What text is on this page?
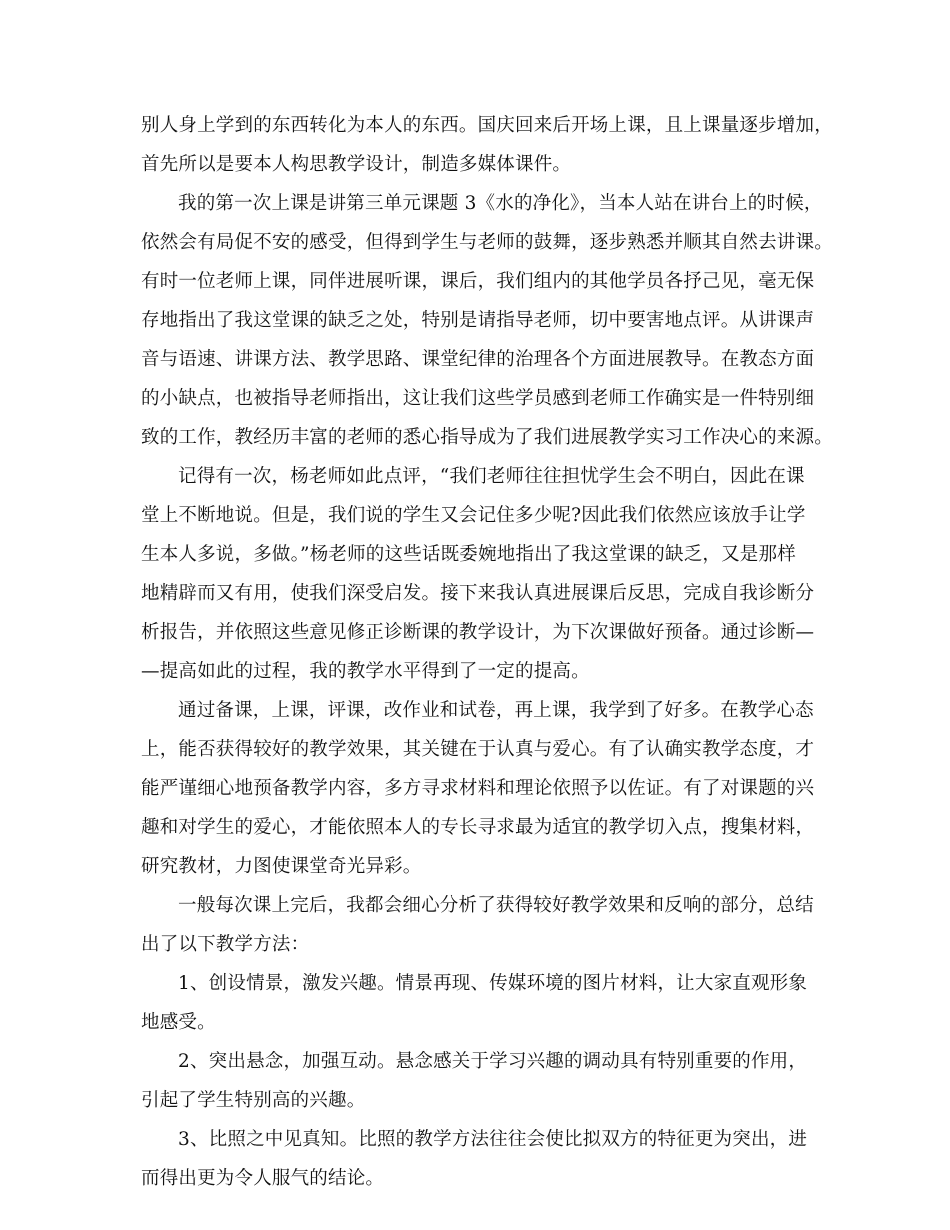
别人身上学到的东西转化为本人的东西。国庆回来后开场上课，且上课量逐步增加，
首先所以是要本人构思教学设计，制造多媒体课件。
我的第一次上课是讲第三单元课题 3《水的净化》，当本人站在讲台上的时候，
依然会有局促不安的感受，但得到学生与老师的鼓舞，逐步熟悉并顺其自然去讲课。
有时一位老师上课，同伴进展听课，课后，我们组内的其他学员各抒己见，毫无保
存地指出了我这堂课的缺乏之处，特别是请指导老师，切中要害地点评。从讲课声
音与语速、讲课方法、教学思路、课堂纪律的治理各个方面进展教导。在教态方面
的小缺点，也被指导老师指出，这让我们这些学员感到老师工作确实是一件特别细
致的工作，教经历丰富的老师的悉心指导成为了我们进展教学实习工作决心的来源。
记得有一次，杨老师如此点评，“我们老师往往担忧学生会不明白，因此在课
堂上不断地说。但是，我们说的学生又会记住多少呢?因此我们依然应该放手让学
生本人多说，多做。”杨老师的这些话既委婉地指出了我这堂课的缺乏，又是那样
地精辟而又有用，使我们深受启发。接下来我认真进展课后反思，完成自我诊断分
析报告，并依照这些意见修正诊断课的教学设计，为下次课做好预备。通过诊断—
—提高如此的过程，我的教学水平得到了一定的提高。
通过备课，上课，评课，改作业和试卷，再上课，我学到了好多。在教学心态
上，能否获得较好的教学效果，其关键在于认真与爱心。有了认确实教学态度，才
能严谨细心地预备教学内容，多方寻求材料和理论依照予以佐证。有了对课题的兴
趣和对学生的爱心，才能依照本人的专长寻求最为适宜的教学切入点，搜集材料，
研究教材，力图使课堂奇光异彩。
一般每次课上完后，我都会细心分析了获得较好教学效果和反响的部分，总结
出了以下教学方法：
1、创设情景，激发兴趣。情景再现、传媒环境的图片材料，让大家直观形象
地感受。
2、突出悬念，加强互动。悬念感关于学习兴趣的调动具有特别重要的作用，
引起了学生特别高的兴趣。
3、比照之中见真知。比照的教学方法往往会使比拟双方的特征更为突出，进
而得出更为令人服气的结论。
